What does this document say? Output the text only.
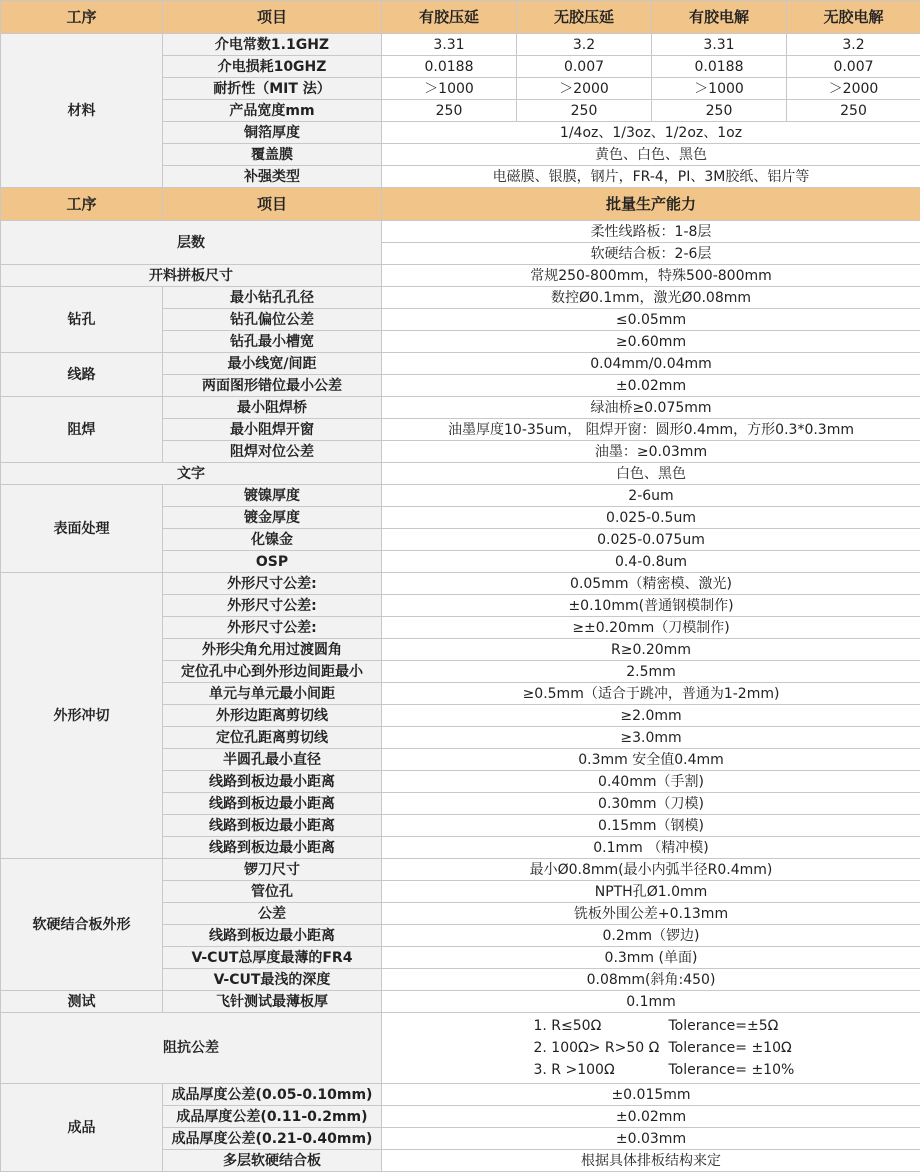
工序	项目	有胶压延	无胶压延	有胶电解	无胶电解
材料	介电常数1.1GHZ	3.31	3.2	3.31	3.2
	介电损耗10GHZ	0.0188	0.007	0.0188	0.007
	耐折性（MIT 法）	＞1000	＞2000	＞1000	＞2000
	产品宽度mm	250	250	250	250
	铜箔厚度	1/4oz、1/3oz、1/2oz、1oz			
	覆盖膜	黄色、白色、黑色			
	补强类型	电磁膜、银膜，钢片，FR-4，PI、3M胶纸、铝片等			
工序	项目	批量生产能力			
层数		柔性线路板：1-8层			
		软硬结合板：2-6层			
开料拼板尺寸		常规250-800mm，特殊500-800mm			
钻孔	最小钻孔孔径	数控Ø0.1mm，激光Ø0.08mm			
	钻孔偏位公差	≤0.05mm			
	钻孔最小槽宽	≥0.60mm			
线路	最小线宽/间距	0.04mm/0.04mm			
	两面图形错位最小公差	±0.02mm			
阻焊	最小阻焊桥	绿油桥≥0.075mm			
	最小阻焊开窗	油墨厚度10-35um， 阻焊开窗：圆形0.4mm，方形0.3*0.3mm			
	阻焊对位公差	油墨：≥0.03mm			
文字		白色、黑色			
表面处理	镀镍厚度	2-6um			
	镀金厚度	0.025-0.5um			
	化镍金	0.025-0.075um			
	OSP	0.4-0.8um			
外形冲切	外形尺寸公差:	0.05mm（精密模、激光)			
	外形尺寸公差:	±0.10mm(普通钢模制作)			
	外形尺寸公差:	≥±0.20mm（刀模制作)			
	外形尖角允用过渡圆角	R≥0.20mm			
	定位孔中心到外形边间距最小	2.5mm			
	单元与单元最小间距	≥0.5mm（适合于跳冲，普通为1-2mm)			
	外形边距离剪切线	≥2.0mm			
	定位孔距离剪切线	≥3.0mm			
	半圆孔最小直径	0.3mm 安全值0.4mm			
	线路到板边最小距离	0.40mm（手割)			
	线路到板边最小距离	0.30mm（刀模)			
	线路到板边最小距离	0.15mm（钢模)			
	线路到板边最小距离	0.1mm （精冲模)			
软硬结合板外形	锣刀尺寸	最小Ø0.8mm(最小内弧半径R0.4mm)			
	管位孔	NPTH孔Ø1.0mm			
	公差	铣板外围公差+0.13mm			
	线路到板边最小距离	0.2mm（锣边)			
	V-CUT总厚度最薄的FR4	0.3mm (单面)			
	V-CUT最浅的深度	0.08mm(斜角:450)			
测试	飞针测试最薄板厚	0.1mm			
阻抗公差		1. R≤50Ω Tolerance=±5Ω
2. 100Ω> R>50 Ω Tolerance= ±10Ω
3. R >100Ω Tolerance= ±10%			

成品	成品厚度公差(0.05-0.10mm)	±0.015mm			
	成品厚度公差(0.11-0.2mm)	±0.02mm			
	成品厚度公差(0.21-0.40mm)	±0.03mm			
	多层软硬结合板	根据具体排板结构来定			
